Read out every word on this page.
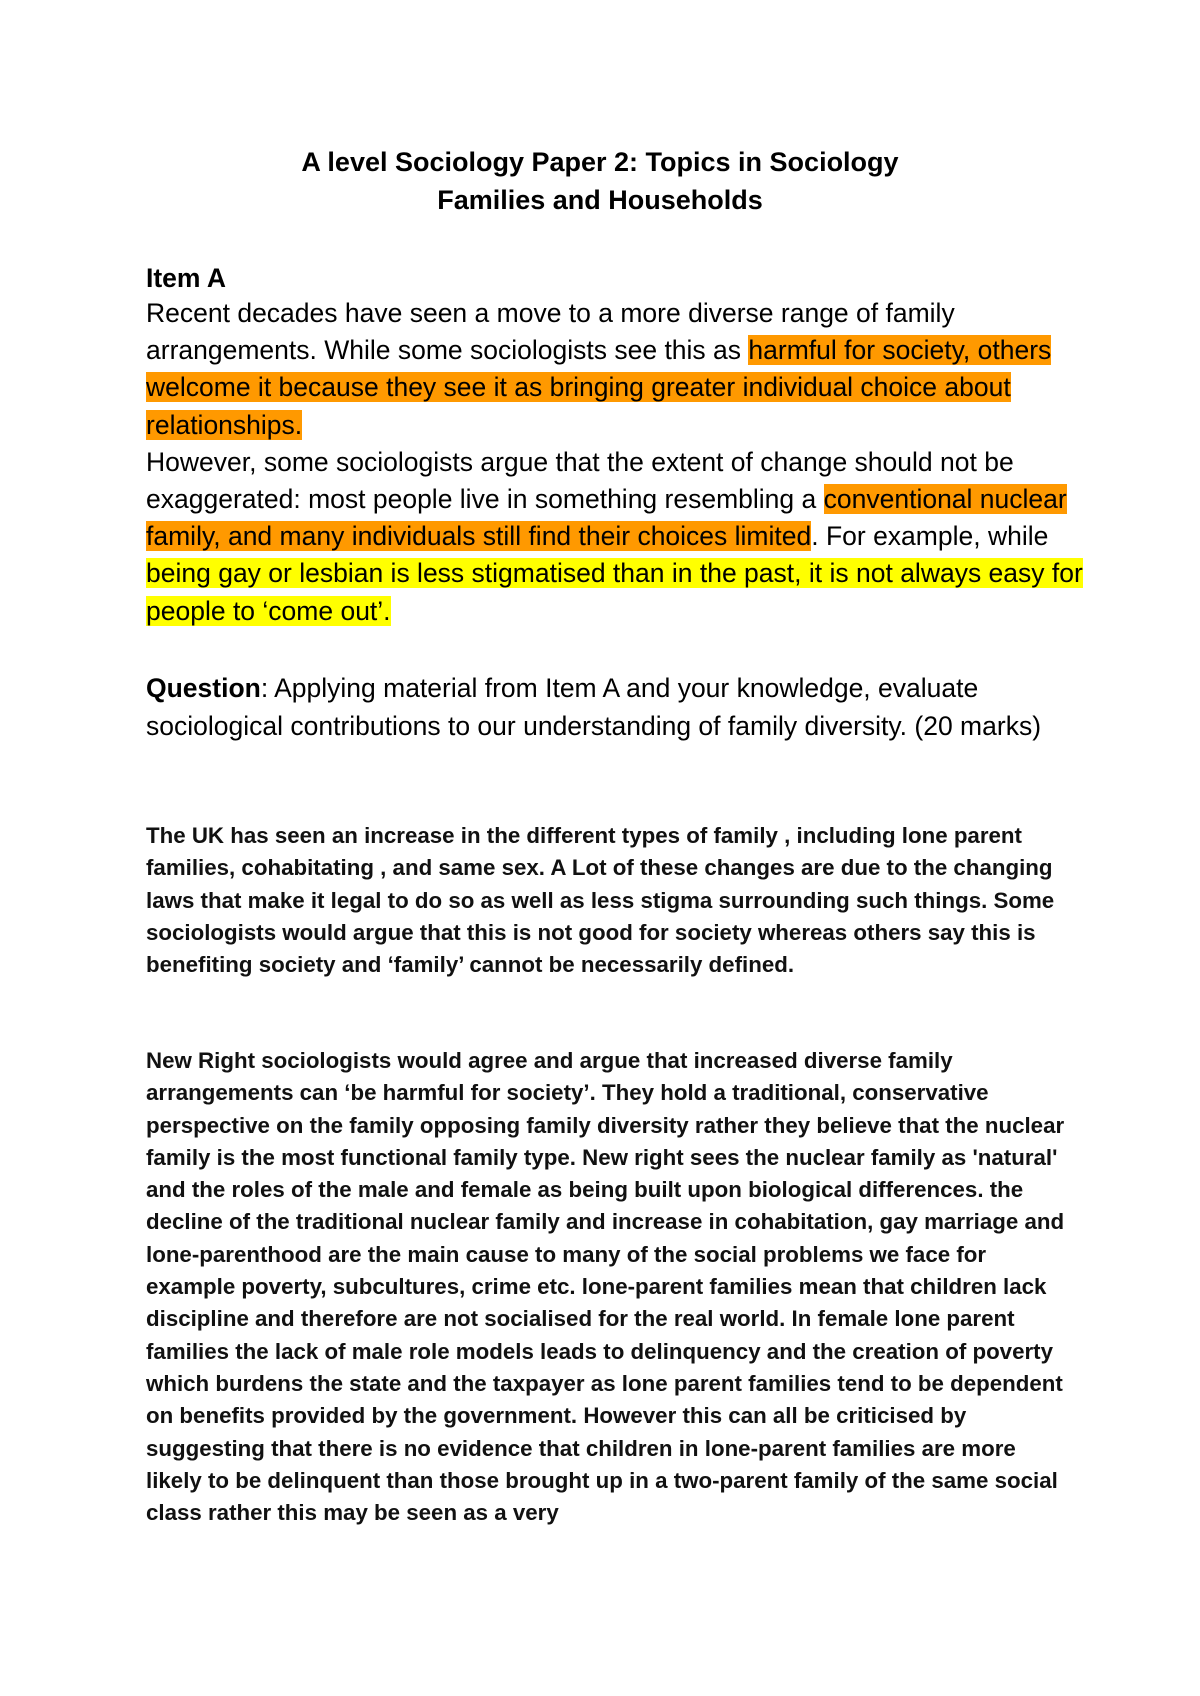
A level Sociology Paper 2: Topics in Sociology
Families and Households
Item A

Recent decades have seen a move to a more diverse range of family arrangements. While some sociologists see this as harmful for society, others welcome it because they see it as bringing greater individual choice about relationships.

However, some sociologists argue that the extent of change should not be exaggerated: most people live in something resembling a conventional nuclear family, and many individuals still find their choices limited. For example, while being gay or lesbian is less stigmatised than in the past, it is not always easy for people to ‘come out’.

Question: Applying material from Item A and your knowledge, evaluate sociological contributions to our understanding of family diversity. (20 marks)
The UK has seen an increase in the different types of family , including lone parent families, cohabitating , and same sex. A Lot of these changes are due to the changing laws that make it legal to do so as well as less stigma surrounding such things. Some sociologists would argue that this is not good for society whereas others say this is benefiting society and ‘family’ cannot be necessarily defined.
New Right sociologists would agree and argue that increased diverse family arrangements can ‘be harmful for society’. They hold a traditional, conservative perspective on the family opposing family diversity rather they believe that the nuclear family is the most functional family type. New right sees the nuclear family as 'natural' and the roles of the male and female as being built upon biological differences. the decline of the traditional nuclear family and increase in cohabitation, gay marriage and lone-parenthood are the main cause to many of the social problems we face for example poverty, subcultures, crime etc. lone-parent families mean that children lack discipline and therefore are not socialised for the real world. In female lone parent families the lack of male role models leads to delinquency and the creation of poverty which burdens the state and the taxpayer as lone parent families tend to be dependent on benefits provided by the government. However this can all be criticised by suggesting that there is no evidence that children in lone-parent families are more likely to be delinquent than those brought up in a two-parent family of the same social class rather this may be seen as a very
